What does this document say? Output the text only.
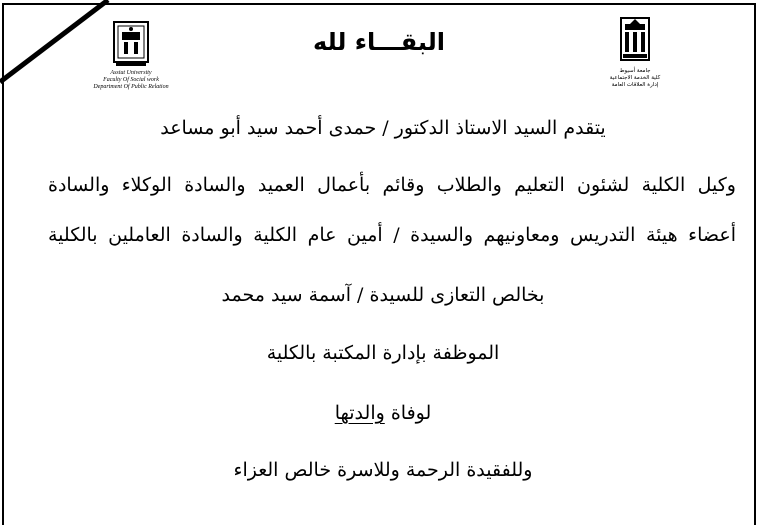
البقـــاء لله
Assiut University
Faculty Of Social work
Department Of Public Relation
جامعة أسيوط
كلية الخدمة الاجتماعية
إدارة العلاقات العامة
يتقدم السيد الاستاذ الدكتور / حمدى أحمد سيد أبو مساعد
وكيل الكلية لشئون التعليم والطلاب وقائم بأعمال العميد والسادة الوكلاء والسادة
أعضاء هيئة التدريس ومعاونيهم والسيدة / أمين عام الكلية والسادة العاملين بالكلية
بخالص التعازى للسيدة / آسمة سيد محمد
الموظفة بإدارة المكتبة بالكلية
لوفاة والدتها
وللفقيدة الرحمة وللاسرة خالص العزاء
